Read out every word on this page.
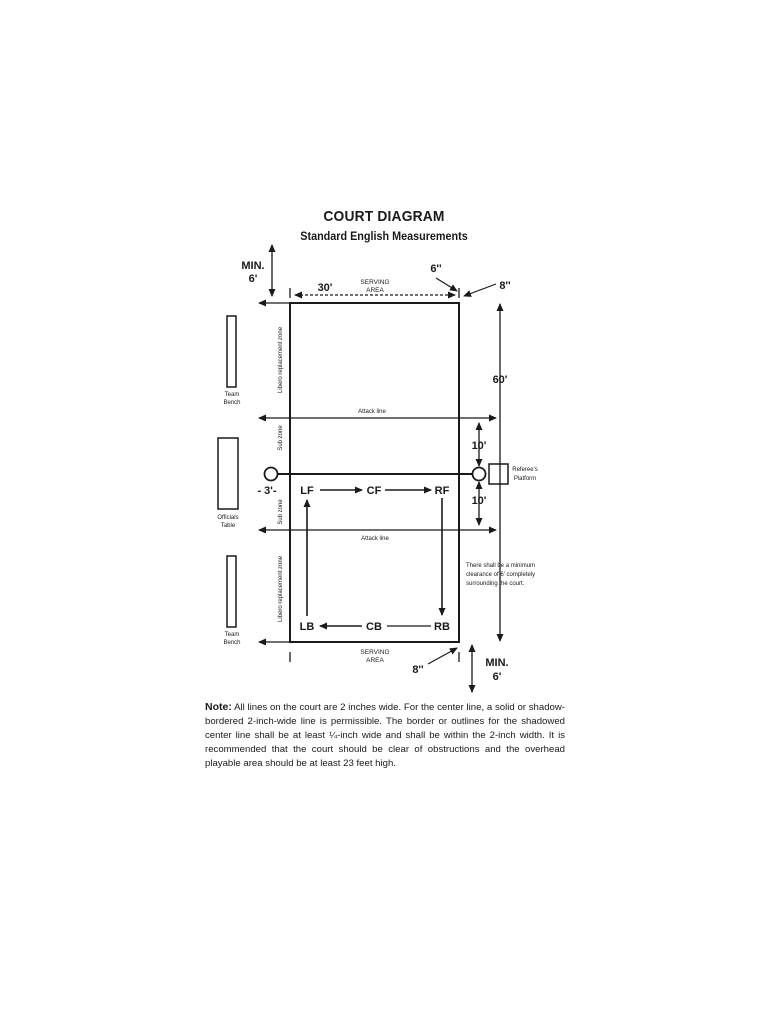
COURT DIAGRAM
Standard English Measurements
MIN.
6'
30'	SERVING
AREA
6''
8''
60'
Team
Bench
Libero replacement zone
Attack line
Sub zone	10'
Officials
Table
- 3'-
Referee's
Platform
10'
Sub zone
Attack line
Libero replacement zone	There shall be a minimum
clearance of 6' completely
surrounding the court.
Team
Bench
SERVING
AREA
8''
MIN.
6'
LF	CF	RF
LB	CB	RB
Note: All lines on the court are 2 inches wide. For the center line, a solid or shadow-bordered 2-inch-wide line is permissible. The border or outlines for the shadowed center line shall be at least ¼-inch wide and shall be within the 2-inch width. It is recommended that the court should be clear of obstructions and the overhead playable area should be at least 23 feet high.
